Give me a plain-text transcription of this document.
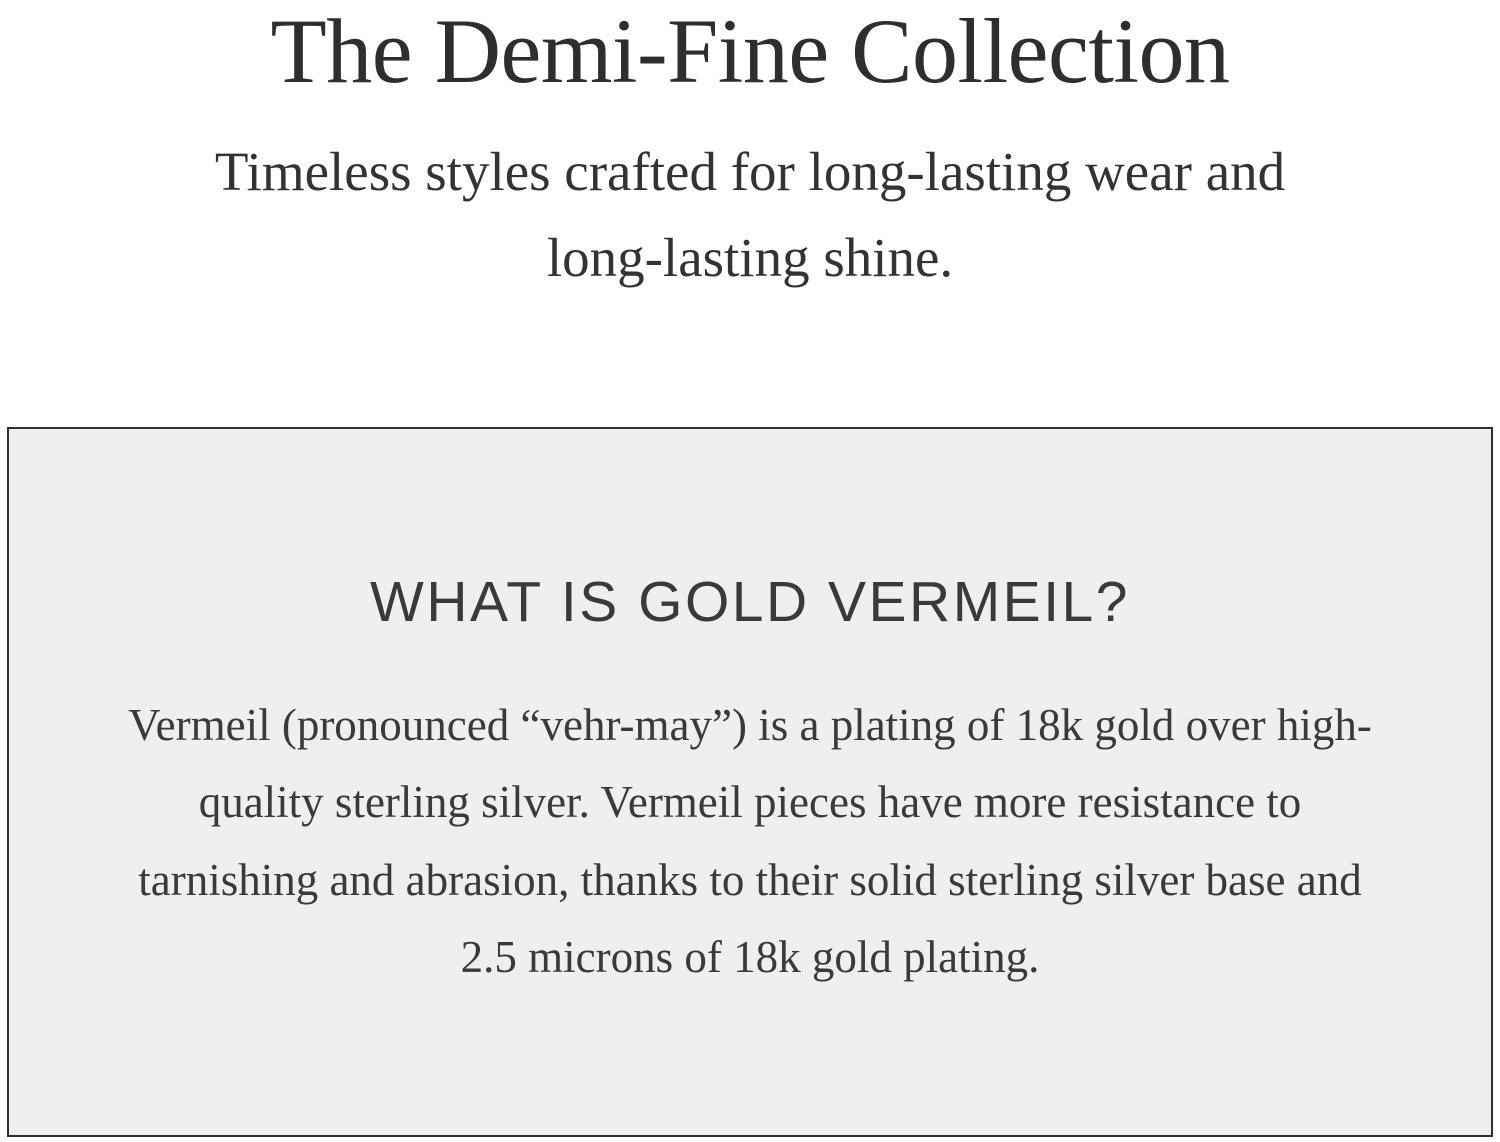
The Demi-Fine Collection

Timeless styles crafted for long-lasting wear and long-lasting shine.

WHAT IS GOLD VERMEIL?

Vermeil (pronounced “vehr-may”) is a plating of 18k gold over high-quality sterling silver. Vermeil pieces have more resistance to tarnishing and abrasion, thanks to their solid sterling silver base and 2.5 microns of 18k gold plating.
